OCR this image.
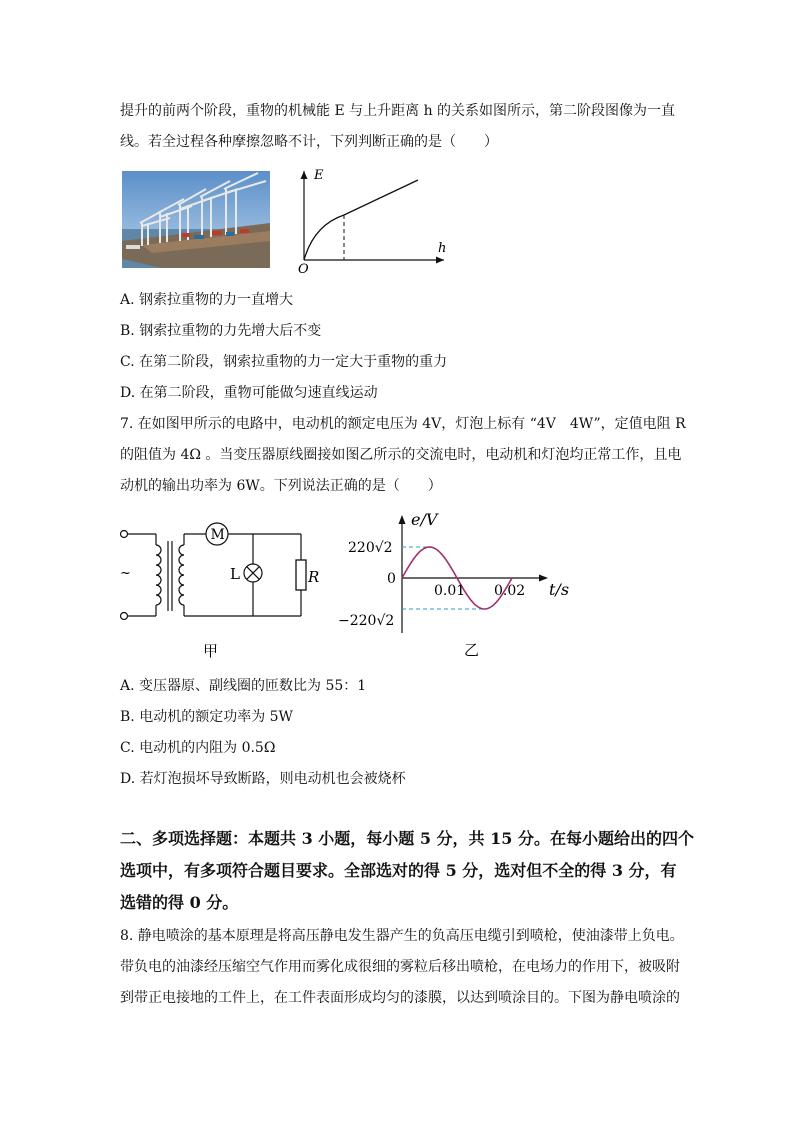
提升的前两个阶段，重物的机械能 E 与上升距离 h 的关系如图所示，第二阶段图像为一直
线。若全过程各种摩擦忽略不计，下列判断正确的是（　　）
E
h
O
A. 钢索拉重物的力一直增大
B. 钢索拉重物的力先增大后不变
C. 在第二阶段，钢索拉重物的力一定大于重物的重力
D. 在第二阶段，重物可能做匀速直线运动
7. 在如图甲所示的电路中，电动机的额定电压为 4V，灯泡上标有 “4V　4W”，定值电阻 R
的阻值为 4Ω 。当变压器原线圈接如图乙所示的交流电时，电动机和灯泡均正常工作，且电
动机的输出功率为 6W。下列说法正确的是（　　）
M
L	R
~
甲
e/V
t/s
220√2
0
−220√2
0.01 0.02
乙
A. 变压器原、副线圈的匝数比为 55：1
B. 电动机的额定功率为 5W
C. 电动机的内阻为 0.5Ω
D. 若灯泡损坏导致断路，则电动机也会被烧杯
二、多项选择题：本题共 3 小题，每小题 5 分，共 15 分。在每小题给出的四个
选项中，有多项符合题目要求。全部选对的得 5 分，选对但不全的得 3 分，有
选错的得 0 分。
8. 静电喷涂的基本原理是将高压静电发生器产生的负高压电缆引到喷枪，使油漆带上负电。
带负电的油漆经压缩空气作用而雾化成很细的雾粒后移出喷枪，在电场力的作用下，被吸附
到带正电接地的工件上，在工件表面形成均匀的漆膜，以达到喷涂目的。下图为静电喷涂的
